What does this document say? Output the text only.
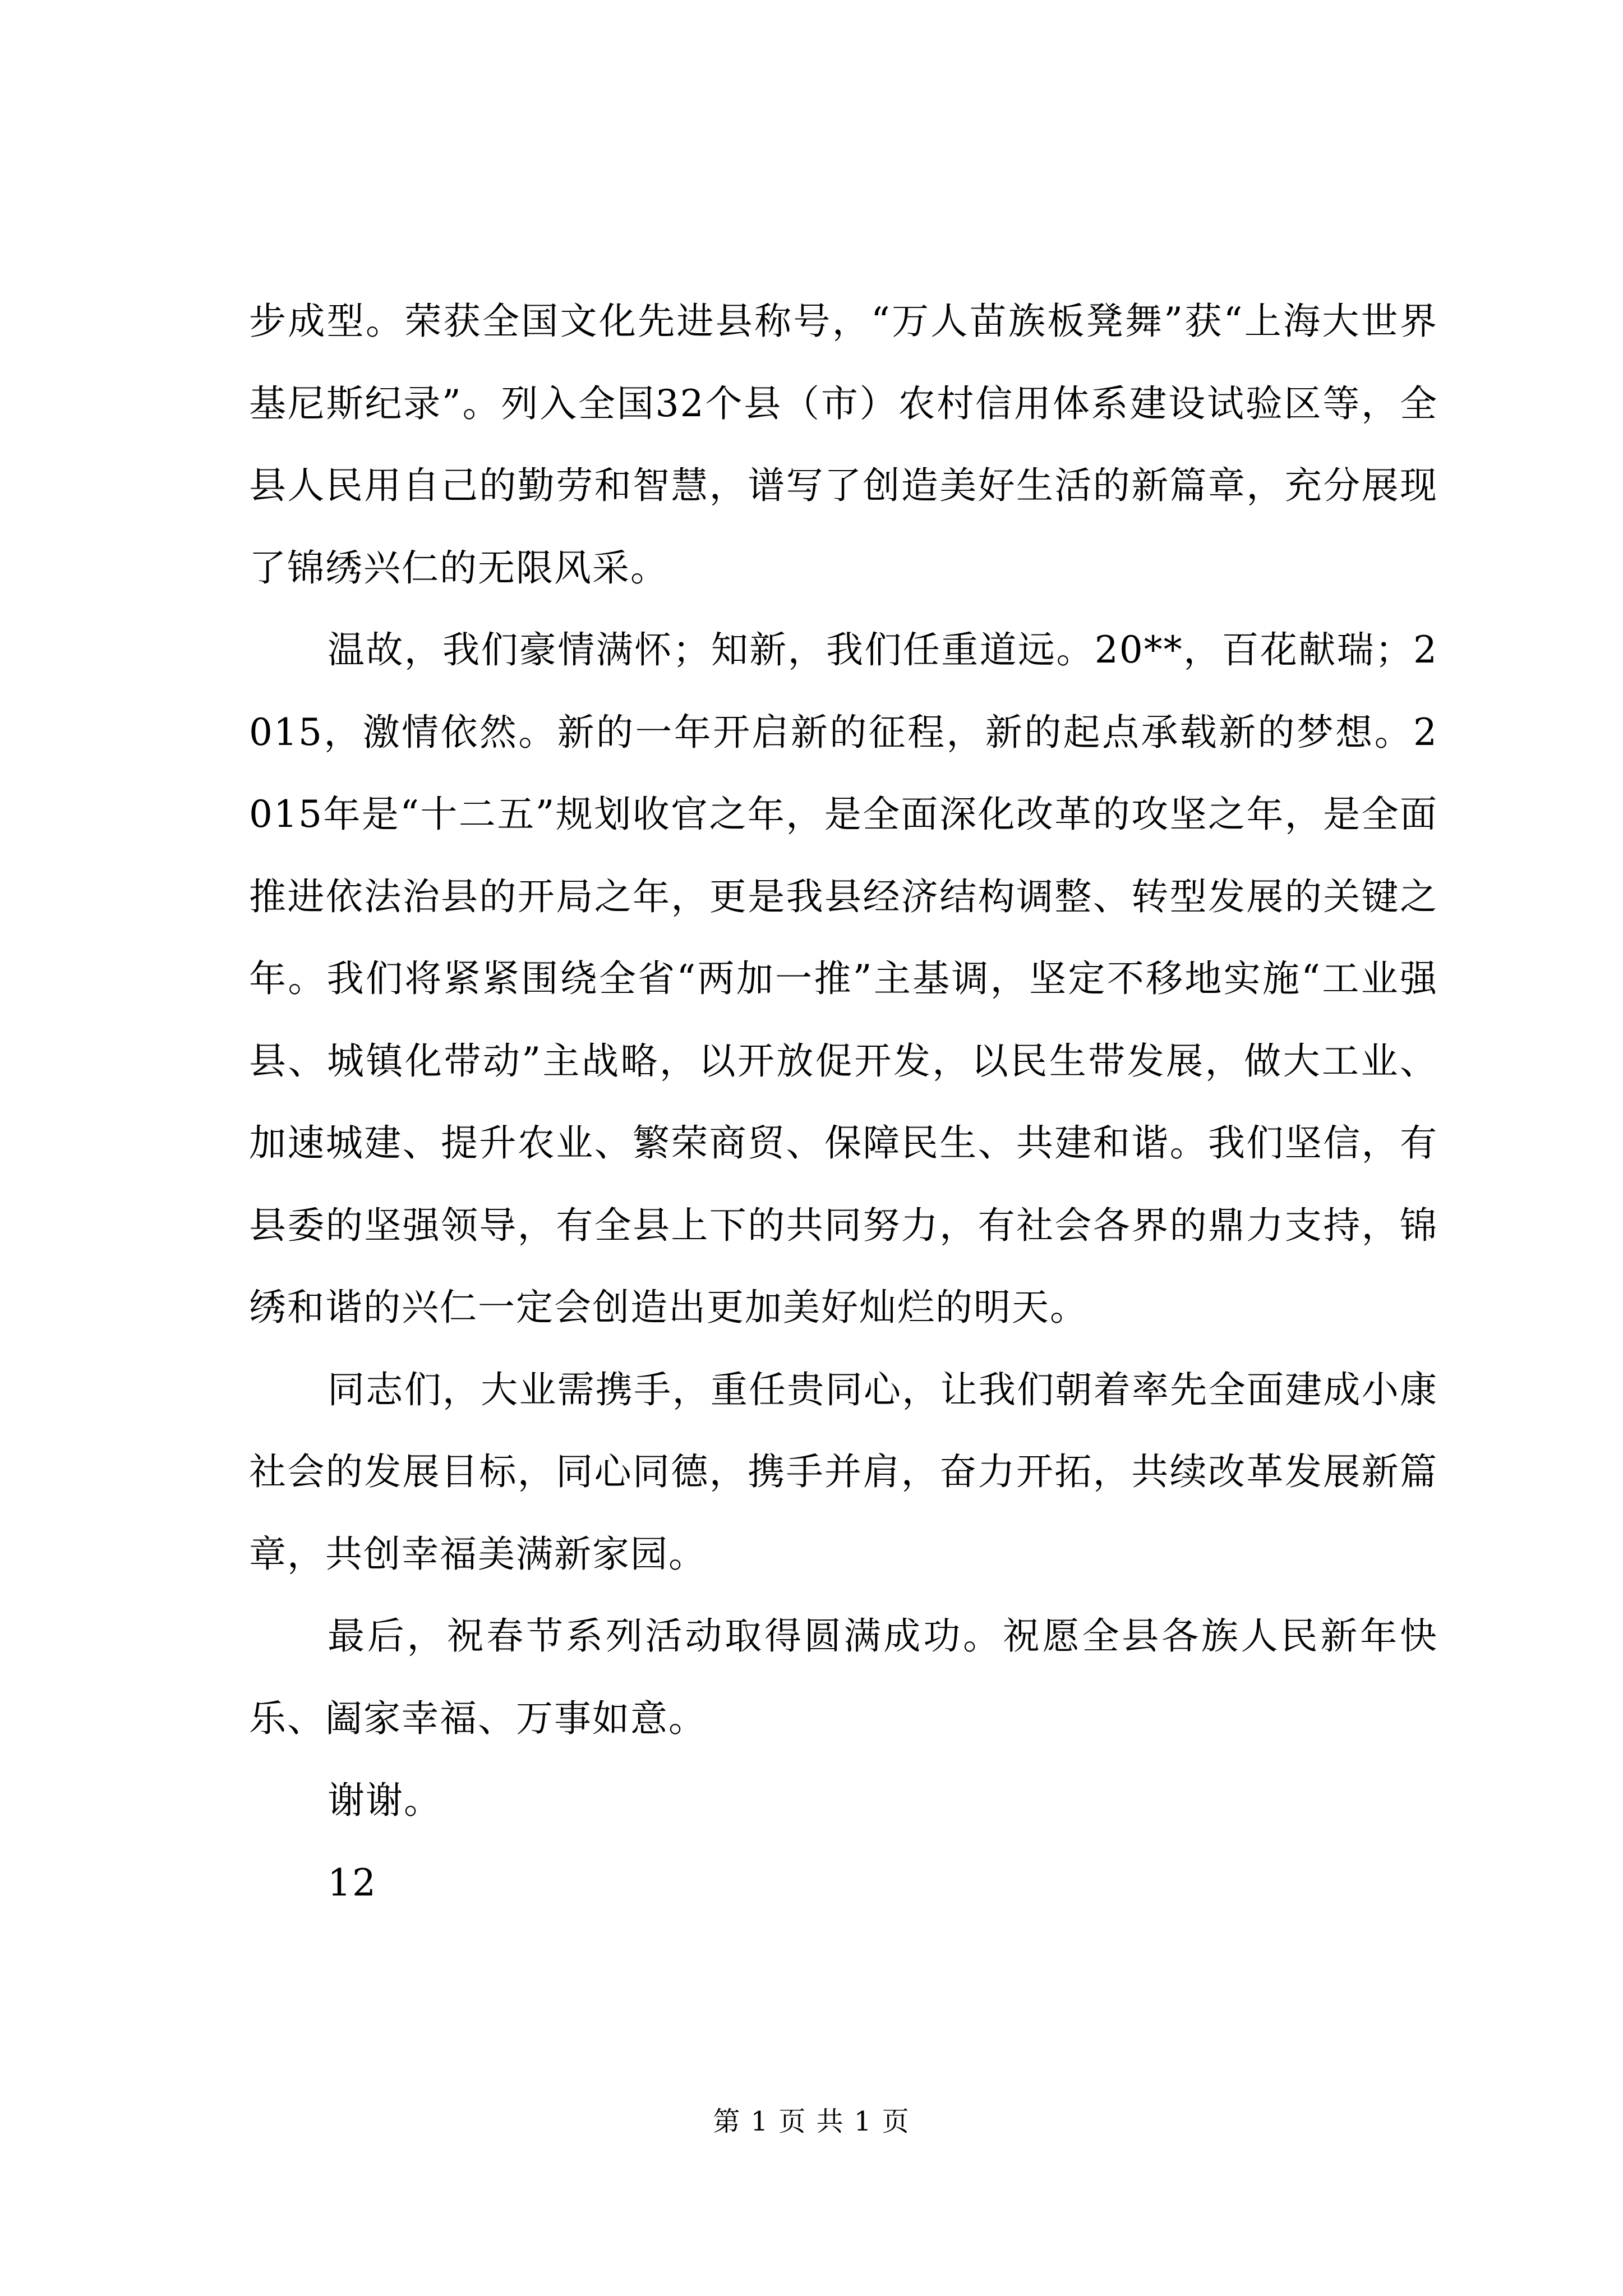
步成型。荣获全国文化先进县称号，“万人苗族板凳舞”获“上海大世界基尼斯纪录”。列入全国32个县（市）农村信用体系建设试验区等，全县人民用自己的勤劳和智慧，谱写了创造美好生活的新篇章，充分展现了锦绣兴仁的无限风采。

温故，我们豪情满怀；知新，我们任重道远。20**，百花献瑞；2015，激情依然。新的一年开启新的征程，新的起点承载新的梦想。2015年是“十二五”规划收官之年，是全面深化改革的攻坚之年，是全面推进依法治县的开局之年，更是我县经济结构调整、转型发展的关键之年。我们将紧紧围绕全省“两加一推”主基调，坚定不移地实施“工业强县、城镇化带动”主战略，以开放促开发，以民生带发展，做大工业、加速城建、提升农业、繁荣商贸、保障民生、共建和谐。我们坚信，有县委的坚强领导，有全县上下的共同努力，有社会各界的鼎力支持，锦绣和谐的兴仁一定会创造出更加美好灿烂的明天。

同志们，大业需携手，重任贵同心，让我们朝着率先全面建成小康社会的发展目标，同心同德，携手并肩，奋力开拓，共续改革发展新篇章，共创幸福美满新家园。

最后，祝春节系列活动取得圆满成功。祝愿全县各族人民新年快乐、阖家幸福、万事如意。

谢谢。

12

第 1 页 共 1 页
